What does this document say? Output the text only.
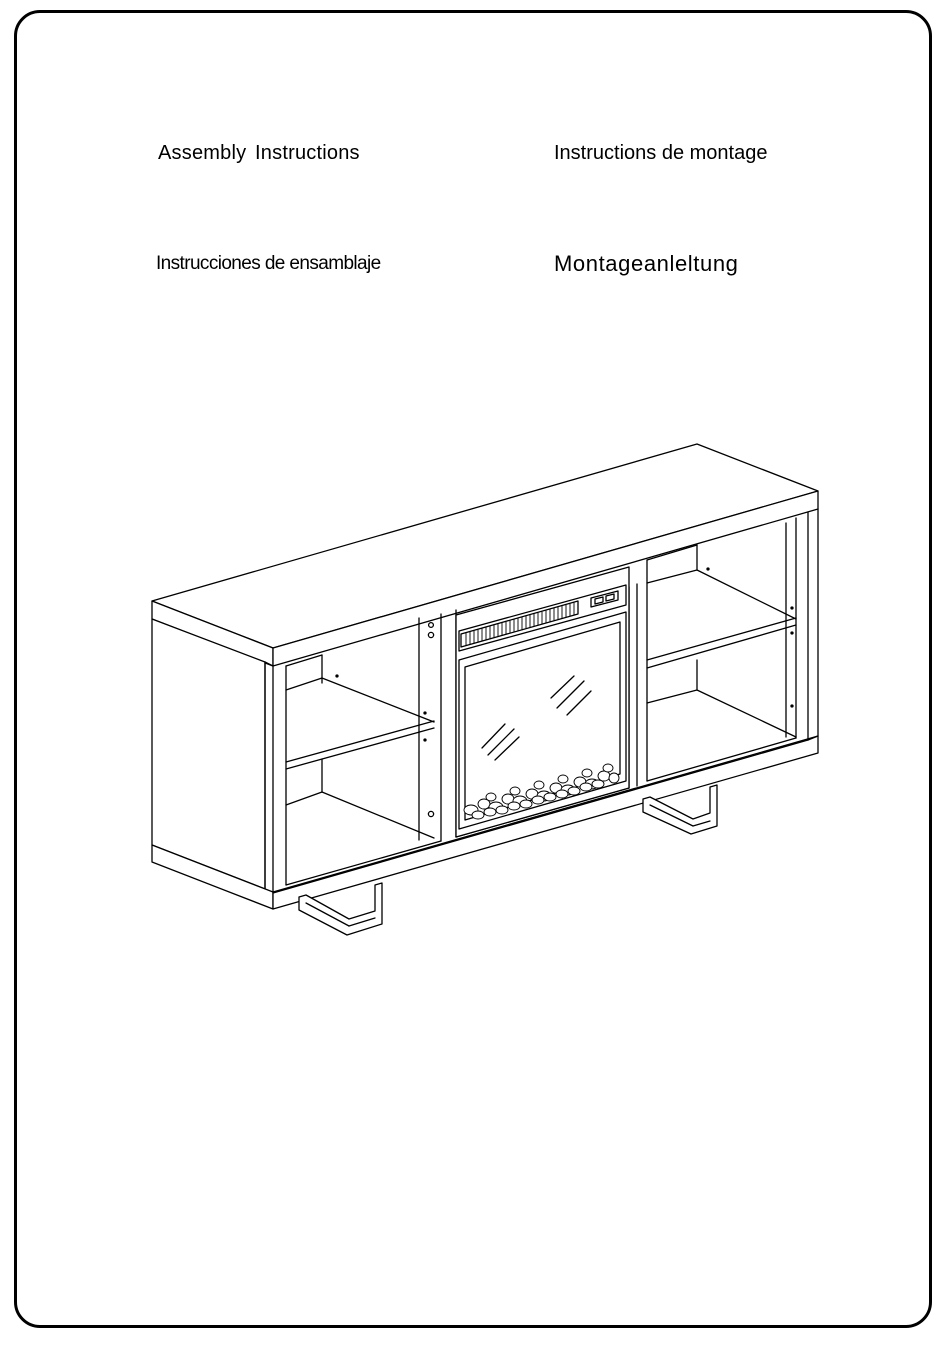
Assembly Instructions	Instructions de montage
Instrucciones de ensamblaje	Montageanleltung
